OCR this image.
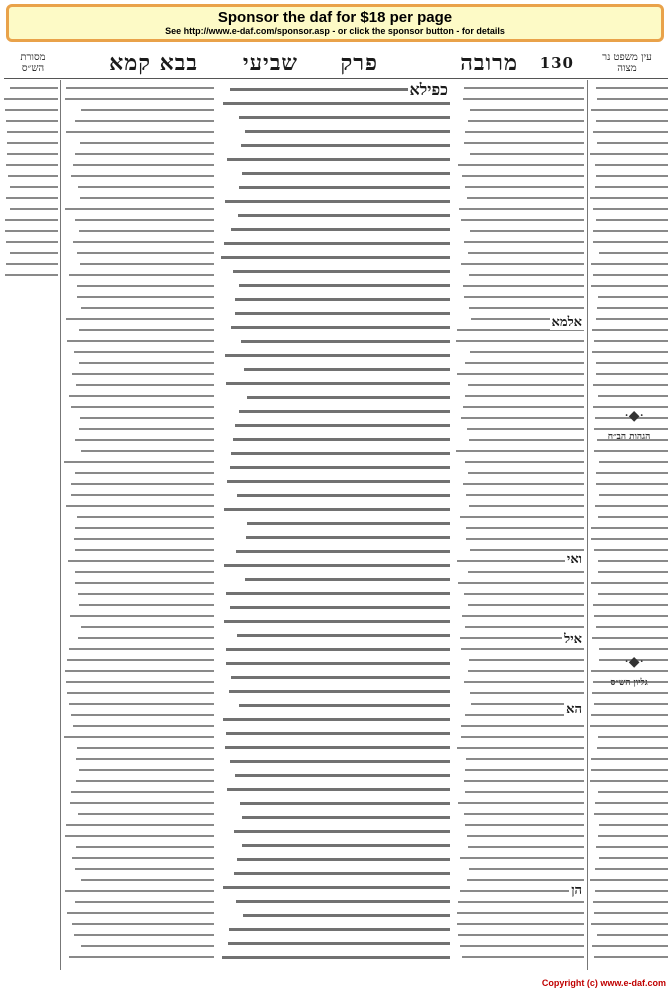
Sponsor the daf for $18 per page
See http://www.e-daf.com/sponsor.asp - or click the sponsor button - for details
עין משפט נר מצוה
130
מרובה
פרק
שביעי
בבא קמא
מסורת הש״ס
כפילא
אלמא
ואי
איל
הא
הן
·◆·
הגהות הב״ח
·◆·
גליון הש״ס
Copyright (c) www.e-daf.com
